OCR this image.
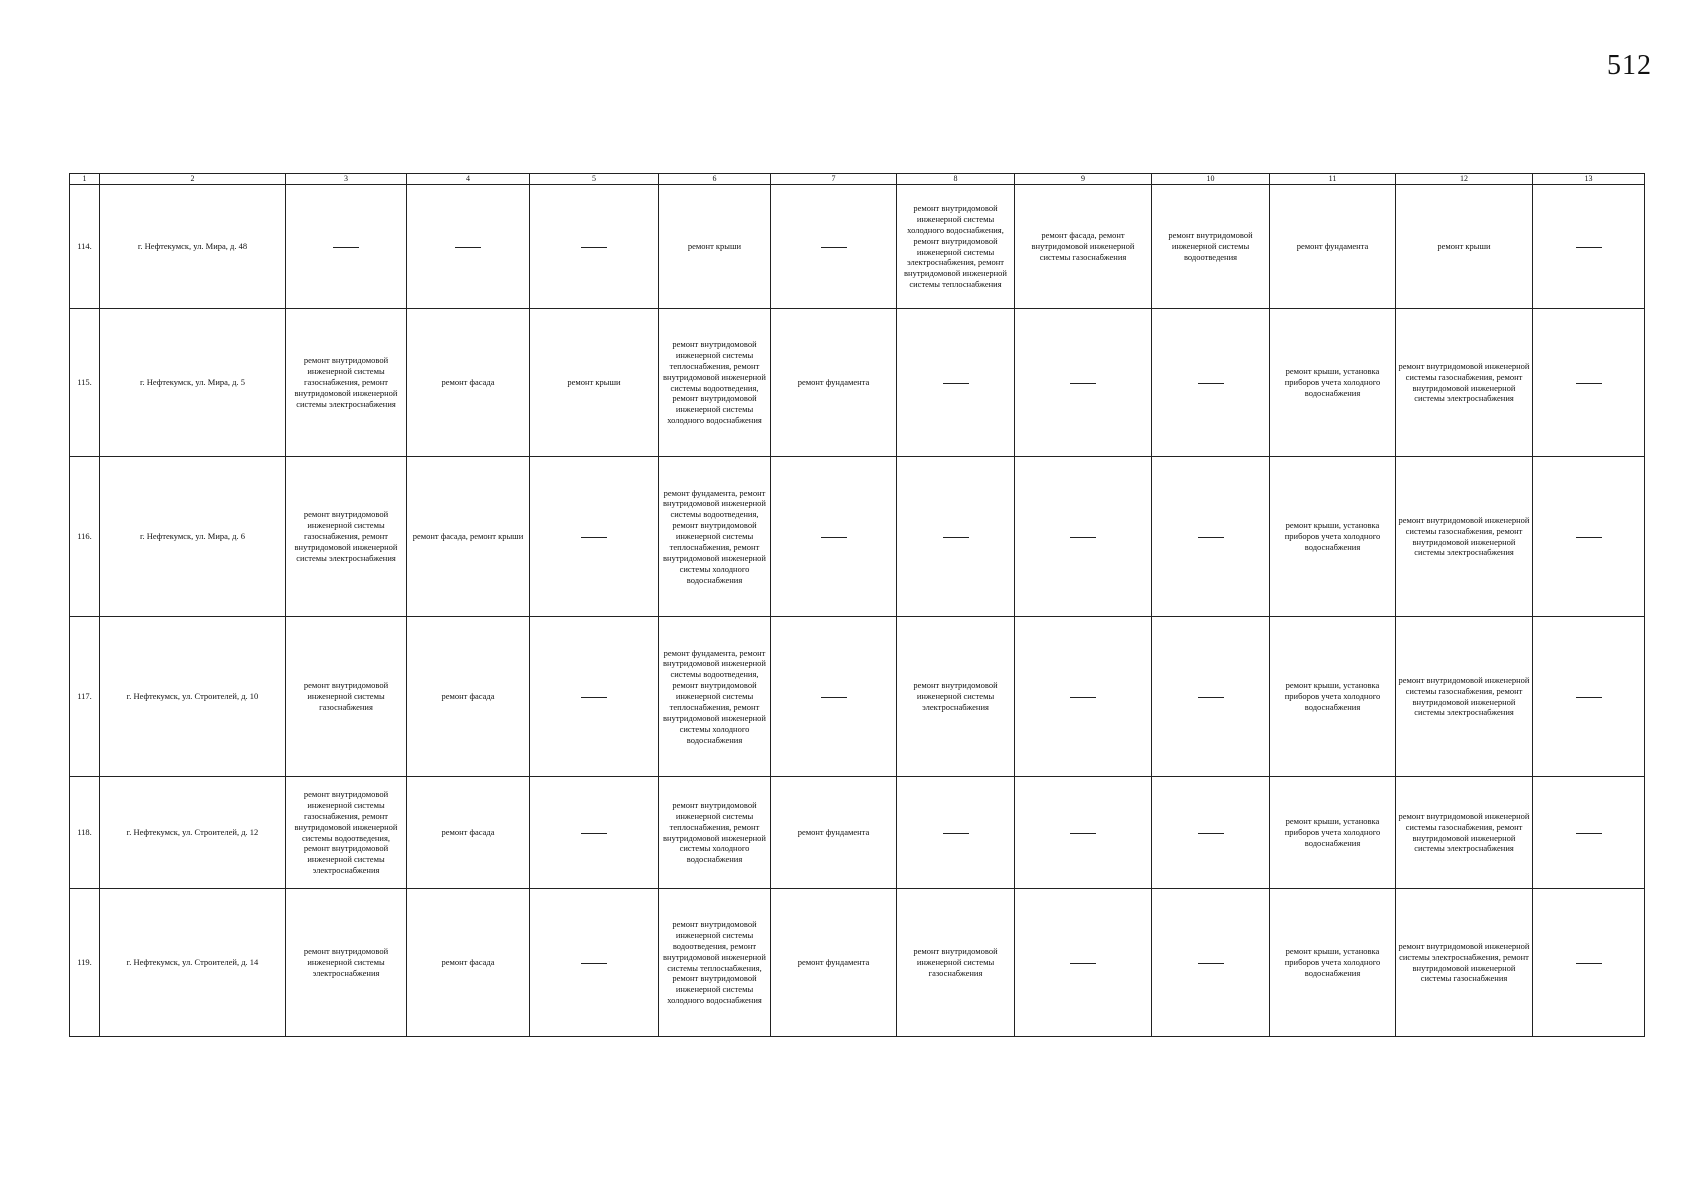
512
1	2	3	4	5	6	7	8	9	10	11	12	13
114.	г. Нефтекумск, ул. Мира, д. 48				ремонт крыши		ремонт внутридомовой инженерной системы холодного водоснабжения, ремонт внутридомовой инженерной системы электроснабжения, ремонт внутридомовой инженерной системы теплоснабжения	ремонт фасада, ремонт внутридомовой инженерной системы газоснабжения	ремонт внутридомовой инженерной системы водоотведения	ремонт фундамента	ремонт крыши	
115.	г. Нефтекумск, ул. Мира, д. 5	ремонт внутридомовой инженерной системы газоснабжения, ремонт внутридомовой инженерной системы электроснабжения	ремонт фасада	ремонт крыши	ремонт внутридомовой инженерной системы теплоснабжения, ремонт внутридомовой инженерной системы водоотведения, ремонт внутридомовой инженерной системы холодного водоснабжения	ремонт фундамента				ремонт крыши, установка приборов учета холодного водоснабжения	ремонт внутридомовой инженерной системы газоснабжения, ремонт внутридомовой инженерной системы электроснабжения	
116.	г. Нефтекумск, ул. Мира, д. 6	ремонт внутридомовой инженерной системы газоснабжения, ремонт внутридомовой инженерной системы электроснабжения	ремонт фасада, ремонт крыши		ремонт фундамента, ремонт внутридомовой инженерной системы водоотведения, ремонт внутридомовой инженерной системы теплоснабжения, ремонт внутридомовой инженерной системы холодного водоснабжения					ремонт крыши, установка приборов учета холодного водоснабжения	ремонт внутридомовой инженерной системы газоснабжения, ремонт внутридомовой инженерной системы электроснабжения	
117.	г. Нефтекумск, ул. Строителей, д. 10	ремонт внутридомовой инженерной системы газоснабжения	ремонт фасада		ремонт фундамента, ремонт внутридомовой инженерной системы водоотведения, ремонт внутридомовой инженерной системы теплоснабжения, ремонт внутридомовой инженерной системы холодного водоснабжения		ремонт внутридомовой инженерной системы электроснабжения			ремонт крыши, установка приборов учета холодного водоснабжения	ремонт внутридомовой инженерной системы газоснабжения, ремонт внутридомовой инженерной системы электроснабжения	
118.	г. Нефтекумск, ул. Строителей, д. 12	ремонт внутридомовой инженерной системы газоснабжения, ремонт внутридомовой инженерной системы водоотведения, ремонт внутридомовой инженерной системы электроснабжения	ремонт фасада		ремонт внутридомовой инженерной системы теплоснабжения, ремонт внутридомовой инженерной системы холодного водоснабжения	ремонт фундамента				ремонт крыши, установка приборов учета холодного водоснабжения	ремонт внутридомовой инженерной системы газоснабжения, ремонт внутридомовой инженерной системы электроснабжения	
119.	г. Нефтекумск, ул. Строителей, д. 14	ремонт внутридомовой инженерной системы электроснабжения	ремонт фасада		ремонт внутридомовой инженерной системы водоотведения, ремонт внутридомовой инженерной системы теплоснабжения, ремонт внутридомовой инженерной системы холодного водоснабжения	ремонт фундамента	ремонт внутридомовой инженерной системы газоснабжения			ремонт крыши, установка приборов учета холодного водоснабжения	ремонт внутридомовой инженерной системы электроснабжения, ремонт внутридомовой инженерной системы газоснабжения	
